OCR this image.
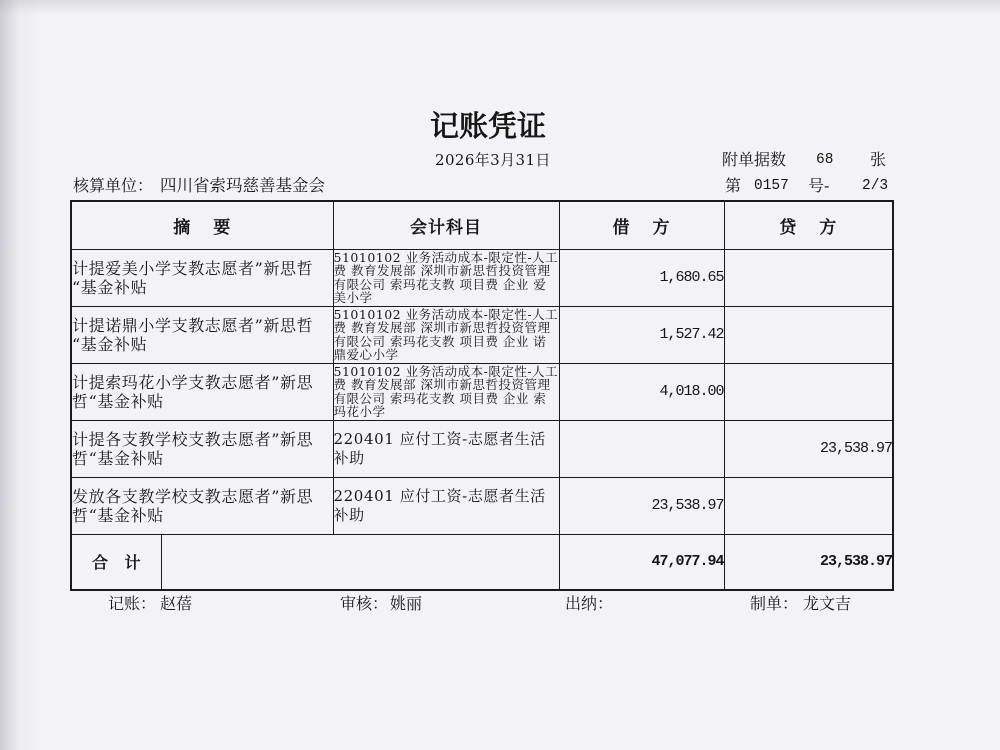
记账凭证
2026年3月31日	附单据数 68 张
核算单位： 四川省索玛慈善基金会	第 0157 号- 2/3
摘 要		会计科目	借 方	贷 方

计提爱美小学支教志愿者”新思哲
“基金补贴		51010102 业务活动成本-限定性-人工
费 教育发展部 深圳市新思哲投资管理
有限公司 索玛花支教 项目费 企业 爱
美小学	1,680.65	

计提诺鼎小学支教志愿者”新思哲
“基金补贴		51010102 业务活动成本-限定性-人工
费 教育发展部 深圳市新思哲投资管理
有限公司 索玛花支教 项目费 企业 诺
鼎爱心小学	1,527.42	

计提索玛花小学支教志愿者”新思
哲“基金补贴		51010102 业务活动成本-限定性-人工
费 教育发展部 深圳市新思哲投资管理
有限公司 索玛花支教 项目费 企业 索
玛花小学	4,018.00	

计提各支教学校支教志愿者”新思
哲“基金补贴		220401 应付工资-志愿者生活
补助		23,538.97

发放各支教学校支教志愿者”新思
哲“基金补贴		220401 应付工资-志愿者生活
补助	23,538.97	
合 计			47,077.94	23,538.97
记账： 赵蓓	审核： 姚丽	出纳：	制单： 龙文吉
